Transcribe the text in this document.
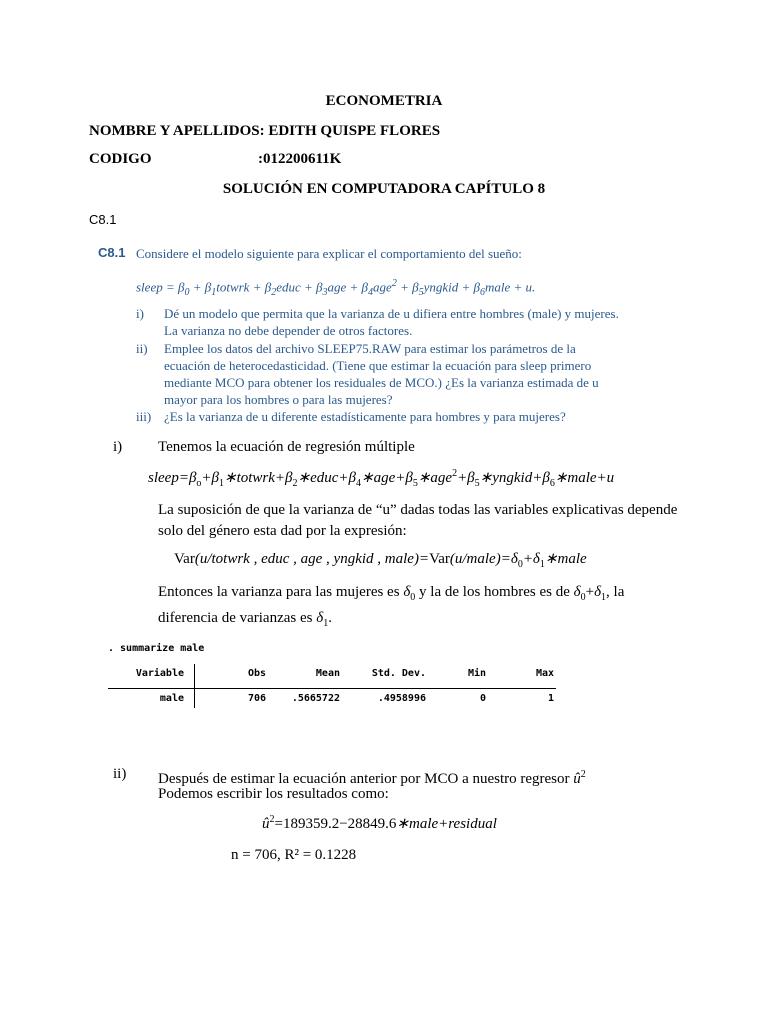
ECONOMETRIA
NOMBRE Y APELLIDOS: EDITH QUISPE FLORES
CODIGO	:012200611K
SOLUCIÓN EN COMPUTADORA CAPÍTULO 8
C8.1
C8.1 Considere el modelo siguiente para explicar el comportamiento del sueño:
sleep = $\beta_0$ + $\beta_1totwrk$ + $\beta_2educ + \beta_3age + \beta_4age^2$ + $\beta_5yngkid$ + $\beta_6male + u$.
i) Dé un modelo que permita que la varianza de u difiera entre hombres (male) y mujeres. La varianza no debe depender de otros factores.
ii) Emplee los datos del archivo SLEEP75.RAW para estimar los parámetros de la ecuación de heterocedasticidad. (Tiene que estimar la ecuación para sleep primero mediante MCO para obtener los residuales de MCO.) ¿Es la varianza estimada de u mayor para los hombres o para las mujeres?
iii) ¿Es la varianza de u diferente estadísticamente para hombres y para mujeres?
i) Tenemos la ecuación de regresión múltiple
$sleep=\beta_o+\beta_1∗totwrk+\beta_2∗educ+\beta_4∗age+\beta_5∗age^2+\beta_5∗yngkid+\beta_6∗male+u$
La suposición de que la varianza de “u” dadas todas las variables explicativas depende solo del género esta dad por la expresión:
Var(u/totwrk , educ , age , yngkid , $male)=Var(u/male)=\delta_0+\delta_1∗male$
Entonces la varianza para las mujeres es $\delta_0$ y la de los hombres es de $\delta_0+\delta_1$, la diferencia de varianzas es $\delta_1$.
. summarize male
Variable	Obs	Mean	Std. Dev.	Min	Max
male	706	.5665722	.4958996	0	1
ii) Después de estimar la ecuación anterior por MCO a nuestro regresor $û^2$
Podemos escribir los resultados como:
$û^2=189359.2-28849.6∗male+residual$
n = 706, R² = 0.1228
